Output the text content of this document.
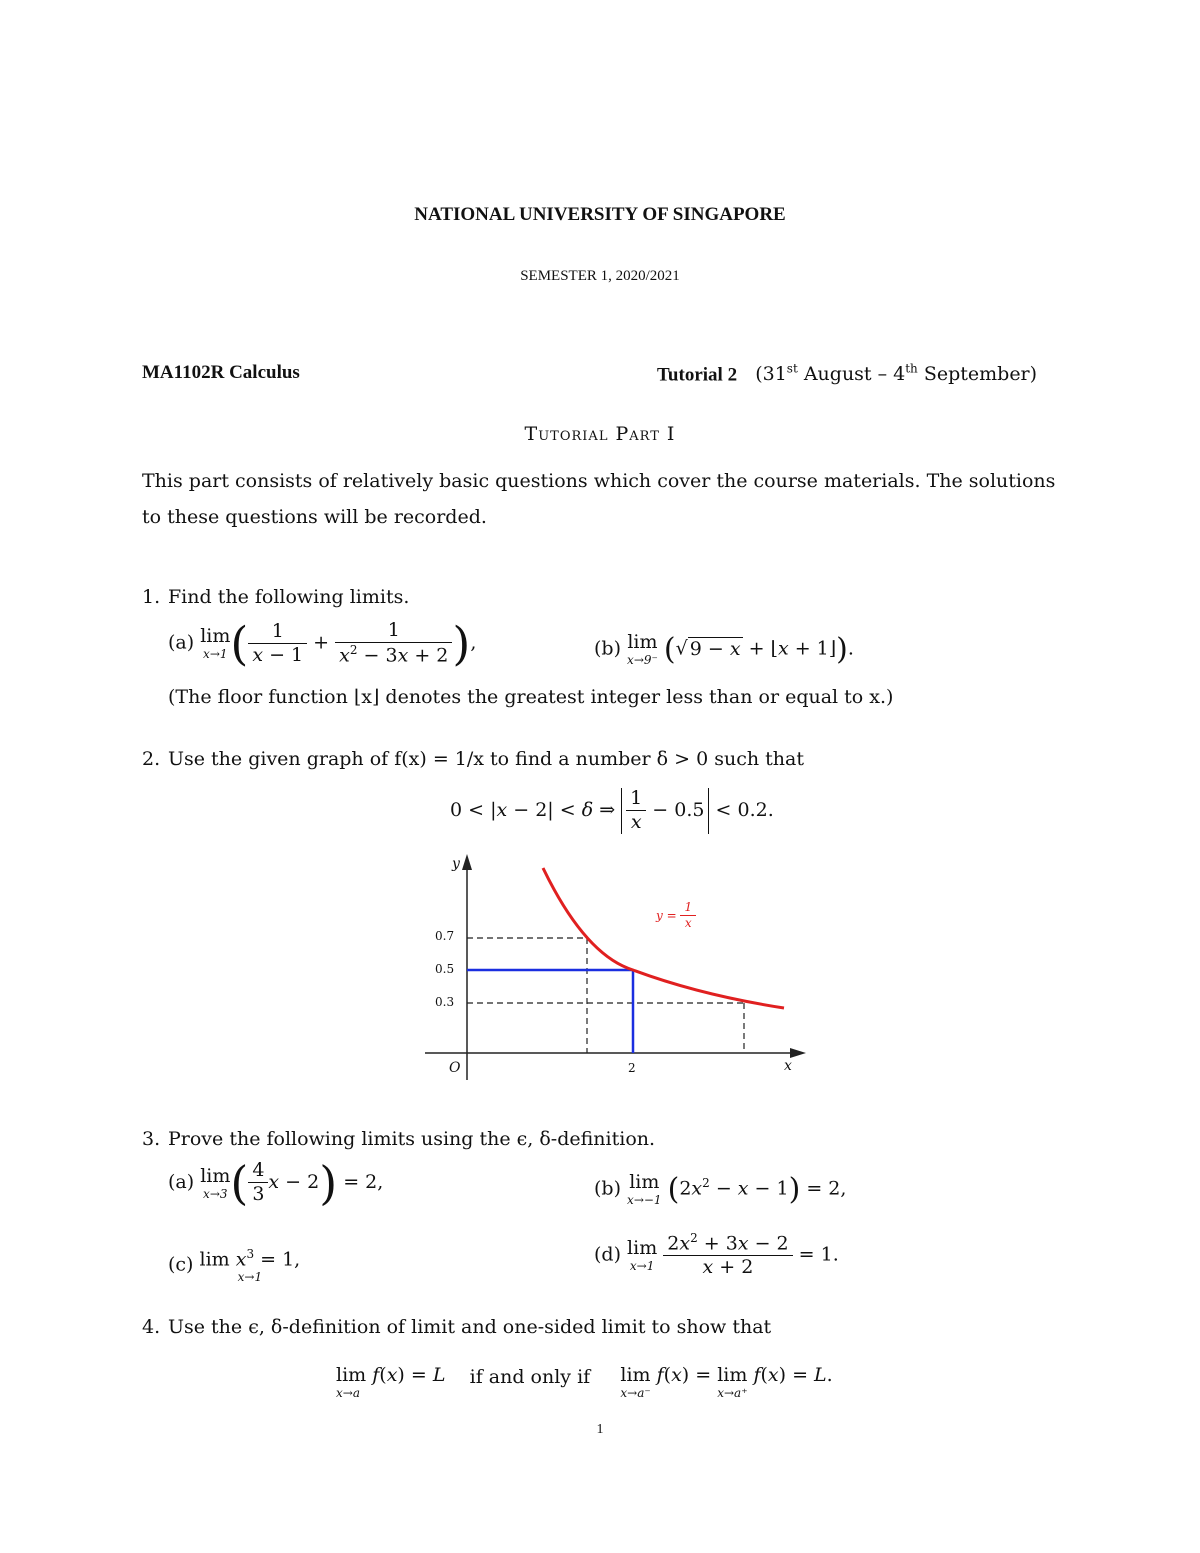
NATIONAL UNIVERSITY OF SINGAPORE
SEMESTER 1, 2020/2021
MA1102R Calculus	Tutorial 2 (31st August – 4th September)
Tutorial Part I
This part consists of relatively basic questions which cover the course materials. The solutions
to these questions will be recorded.
1. Find the following limits.
(a) lim
x→1 ( $\frac{1}{x - 1} + \frac{1}{x^2 - 3x + 2}$ ),	(b) lim
x→9⁻ (√ 9 − x + ⌊x + 1⌋).
(The floor function ⌊x⌋ denotes the greatest integer less than or equal to x.)
2. Use the given graph of f(x) = 1/x to find a number δ > 0 such that
0 < |x − 2| < δ ⇒ $\frac{1}{x} - 0.5 < 0.2$.
y
x
O
0.7
0.5
0.3
2
$y = \frac{1}{x}$
3. Prove the following limits using the ϵ, δ-definition.
(a) lim
x→3 ( $\frac{4}{3}$ x − 2) = 2,	(b) lim
x→−1 $(2x^2 - x - 1) = 2$,
(c) $\lim x^3 = 1$,
x→1
(d) lim
x→1
$\frac{2x^2 + 3x - 2}{x + 2} = 1$.
4. Use the ϵ, δ-definition of limit and one-sided limit to show that
lim f(x) = L
x→a
if and only if lim f(x) =
x→a⁻

lim f(x) = L.
x→a⁺
1
